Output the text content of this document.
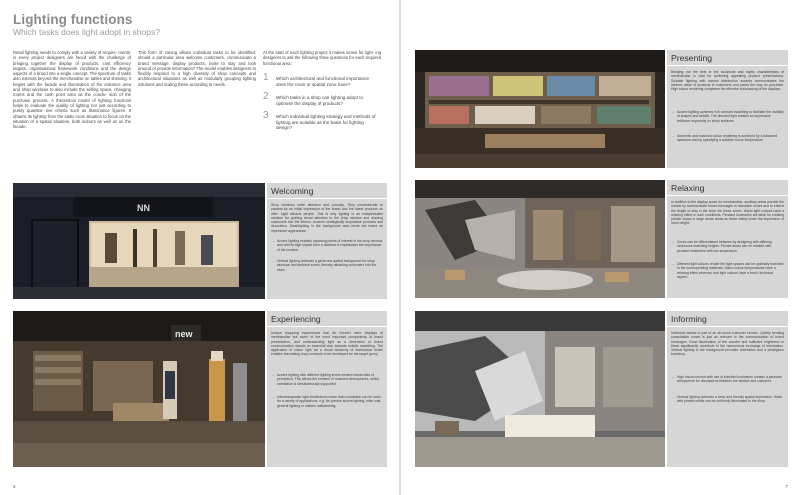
Lighting functions
Which tasks does light adopt in shops?
Retail lighting needs to comply with a variety of require- ments: in every project designers are faced with the challenge of bringing together the display of products, cost efficiency targets, organisational framework conditions and the design aspects of a brand into a single concept. The spectrum of tasks also extends beyond the merchandise on tables and shelving: it begins with the facade and illumination of the entrance area and shop windows to also include the selling space, changing rooms and the cash point area as the conclu- sion of the purchase process. A theoretical model of lighting functions helps to evaluate the quality of lighting not just according to purely quantita- tive criteria such as illuminance figures. It obtains its lighting from the static room situation to focus on the situation of a spatial situation, both indoors as well as on the facade.
This form of zoning allows individual tasks to be identified: should a particular area welcome customers, communicate a brand message, display products, invite to stay and look around or provide information? The model enables designers to flexibly respond to a high diversity of shop concepts and architectural situations as well as modularly grouping lighting solutions and scaling these according to needs.
At the start of each lighting project it makes sense for light- ing designers to ask the following three questions for each required functional area:
1 Which architectural and functional importance does the room or spatial zone have?
2 Which tasks in a shop can lighting adopt to optimise the display of products?
3 Which individual lighting strategy and methods of lighting are suitable as the basis for lighting design?
NN
Welcoming
Shop windows invite attention and curiosity. They communicate to passers-by an initial impression of the brand and the latest products on offer. Light attracts people. This is why lighting is an indispensable medium for guiding visual attention to the shop window and drawing customers into the interior. Accents strategically emphasise products and decoration. Washlighting in the background area lends the brand an impressive appearance.
→ Accent lighting enables opposing points of interest in the shop window, and with its high impact from a distance it emphasises the importance of the location.
→ Vertical lighting achieves a generous spatial background for shop windows and ambient zones, thereby attracting customers into the store.
new
Experiencing
Unique shopping experiences that far exceed mere displays of merchandise are some of the most important components of brand presentation, and understanding light as a dimension of brand communication stands on essential step towards holistic marketing. The application of colour light via a visual hierarchy of illuminance levels enables fascinating shop concepts to be developed for the target group.
→ Accent lighting with different lighting levels creates hierarchies of perception. This allows the creation of nuanced atmospheres, whilst orientation is simultaneously supported.
→ Interchangeable light distributions mean that a luminaire can be used for a variety of applications, e.g. for precise accent lighting, wide oval-general lighting or uniform wallwashing.
6
Presenting
Bringing out the best in the sculptural and haptic characteristics of merchandise is vital for achieving appealing product presentations. Suitable lighting with narrow distribution accents communicates the intrinsic value of products to customers and paves the way for purchase. High colour rendering completes the effective showcasing of the displays.
→ Accent lighting achieves rich contrast modelling to facilitate the visibility of shapes and details. The directed light creates an impressive brilliance especially on shiny surfaces.
→ Authentic and nuanced colour rendering is achieved by a balanced spectrum and by specifying a suitable colour temperature.
Relaxing
In addition to the display areas for merchandise, ancillary areas provide the means by communicate brand messages in relaxation zones and to extend the length of stay in the store via these zones. Warm light colours have a relaxing effect in such conditions. Pendant luminaires are ideal for creating private zones or large areas areas as these visibly lower the impression of room height.
→ Zones can be differentiated between by designing with differing luminance matching heights. Private areas can be created with pendant luminaires with low suspension.
→ Different light colours render the light spaces can be optimally matched to the corresponding materials. Warm colour temperatures have a relaxing effect whereas cool light colours have a fresh, technical aspect.
Informing
Individual advice is part of an all-round customer service. Quietly bending consultation zones is just as relevant to the communication of brand messages. Good illumination of the counter and sufficient brightness in these significantly contribute to the harmonious exchange of information. Vertical lighting in the background provides orientation and a prestigious backdrop.
→ High visual comfort with use of shielded luminaires creates a pleasant atmosphere for discussions between the advisor and customer.
→ Vertical lighting achieves a deep and friendly spatial impression. Walls with printed motifs can be uniformly illuminated in the shop.
7
